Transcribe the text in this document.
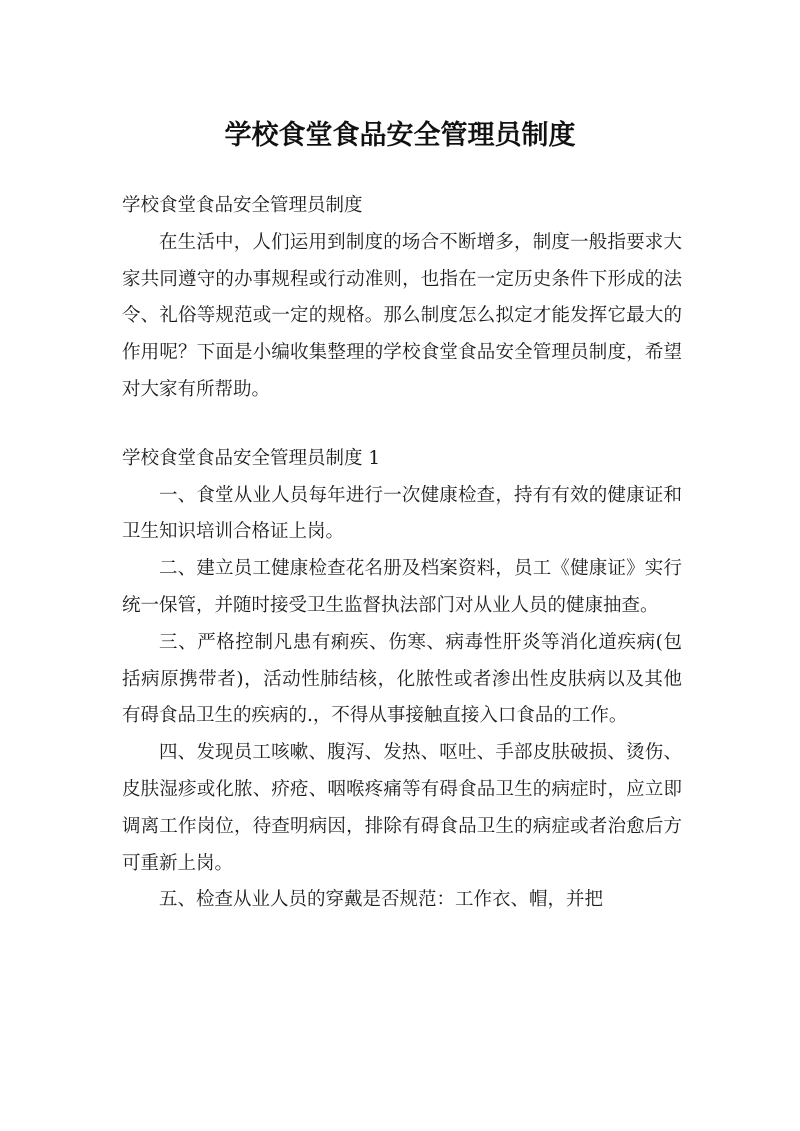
学校食堂食品安全管理员制度

学校食堂食品安全管理员制度

在生活中，人们运用到制度的场合不断增多，制度一般指要求大家共同遵守的办事规程或行动准则，也指在一定历史条件下形成的法令、礼俗等规范或一定的规格。那么制度怎么拟定才能发挥它最大的作用呢？下面是小编收集整理的学校食堂食品安全管理员制度，希望对大家有所帮助。

学校食堂食品安全管理员制度 1

一、食堂从业人员每年进行一次健康检查，持有有效的健康证和卫生知识培训合格证上岗。

二、建立员工健康检查花名册及档案资料，员工《健康证》实行统一保管，并随时接受卫生监督执法部门对从业人员的健康抽查。

三、严格控制凡患有痢疾、伤寒、病毒性肝炎等消化道疾病(包括病原携带者)，活动性肺结核，化脓性或者渗出性皮肤病以及其他有碍食品卫生的疾病的.，不得从事接触直接入口食品的工作。

四、发现员工咳嗽、腹泻、发热、呕吐、手部皮肤破损、烫伤、皮肤湿疹或化脓、疥疮、咽喉疼痛等有碍食品卫生的病症时，应立即调离工作岗位，待查明病因，排除有碍食品卫生的病症或者治愈后方可重新上岗。

五、检查从业人员的穿戴是否规范：工作衣、帽，并把
